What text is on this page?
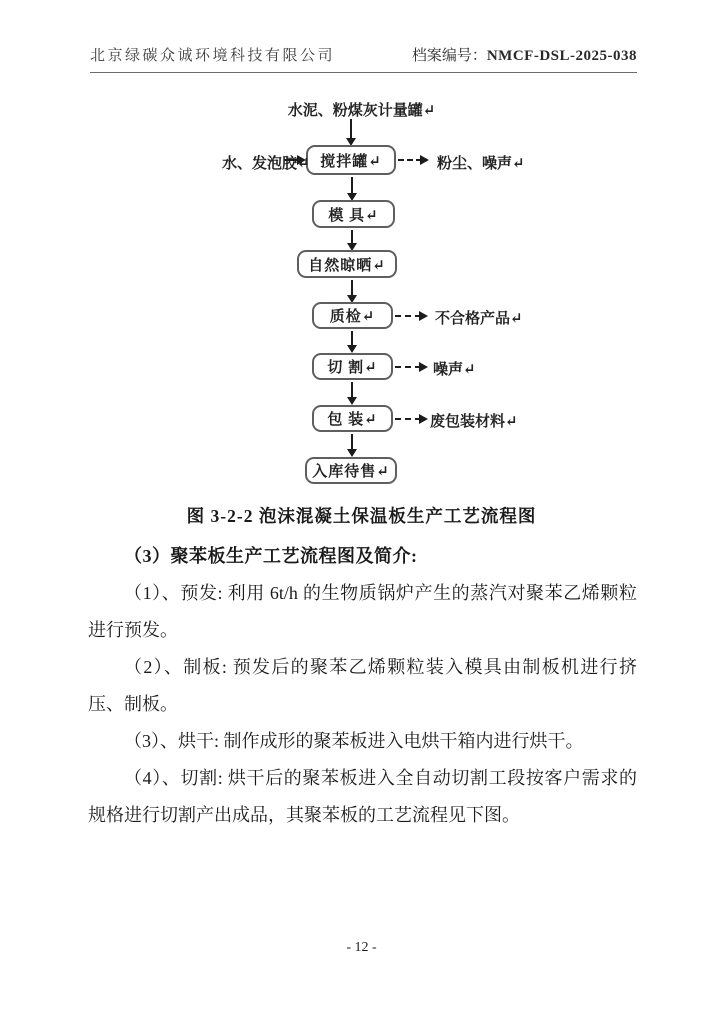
北京绿碳众诚环境科技有限公司	档案编号：NMCF-DSL-2025-038
水泥、粉煤灰计量罐↵
搅拌罐↵
水、发泡胶↵	粉尘、噪声↵
模 具↵
自然晾晒↵
质检↵	不合格产品↵
切 割↵	噪声↵
包 装↵	废包装材料↵
入库待售↵
图 3-2-2 泡沫混凝土保温板生产工艺流程图

（3）聚苯板生产工艺流程图及简介:

（1）、预发: 利用 6t/h 的生物质锅炉产生的蒸汽对聚苯乙烯颗粒进行预发。

（2）、制板: 预发后的聚苯乙烯颗粒装入模具由制板机进行挤压、制板。

（3）、烘干: 制作成形的聚苯板进入电烘干箱内进行烘干。

（4）、切割: 烘干后的聚苯板进入全自动切割工段按客户需求的规格进行切割产出成品，其聚苯板的工艺流程见下图。

- 12 -
